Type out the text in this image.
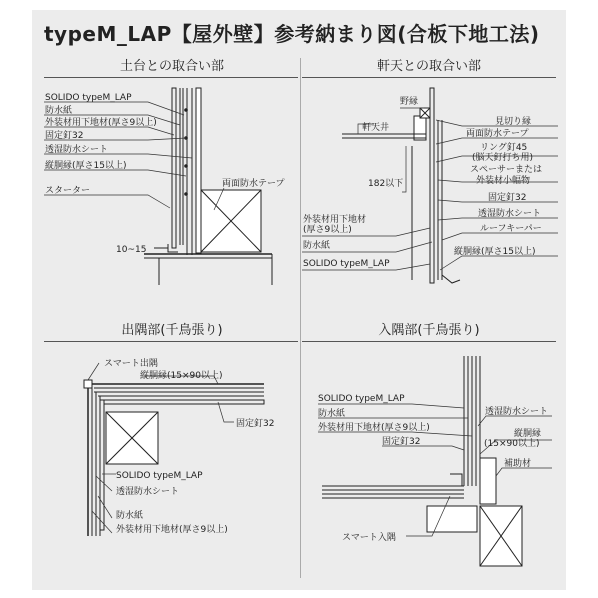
typeM_LAP【屋外壁】参考納まり図(合板下地工法)
土台との取合い部	軒天との取合い部
出隅部(千鳥張り)	入隅部(千鳥張り)
SOLIDO typeM_LAP
防水紙
外装材用下地材(厚さ9以上)
固定釘32
透湿防水シート
縦胴縁(厚さ15以上)
スターター
両面防水テープ
10~15
野縁
軒天井
182以下
外装材用下地材
(厚さ9以上)
防水紙
SOLIDO typeM_LAP
見切り縁
両面防水テープ
リング釘45
(脳天釘打ち用)
スペーサーまたは
外装材小幅物
固定釘32
透湿防水シート
ルーフキーパー
縦胴縁(厚さ15以上)
スマート出隅
縦胴縁(15×90以上)
固定釘32
SOLIDO typeM_LAP
透湿防水シート
防水紙
外装材用下地材(厚さ9以上)
SOLIDO typeM_LAP
防水紙
外装材用下地材(厚さ9以上)
固定釘32
透湿防水シート
縦胴縁
(15×90以上)
補助材
スマート入隅
